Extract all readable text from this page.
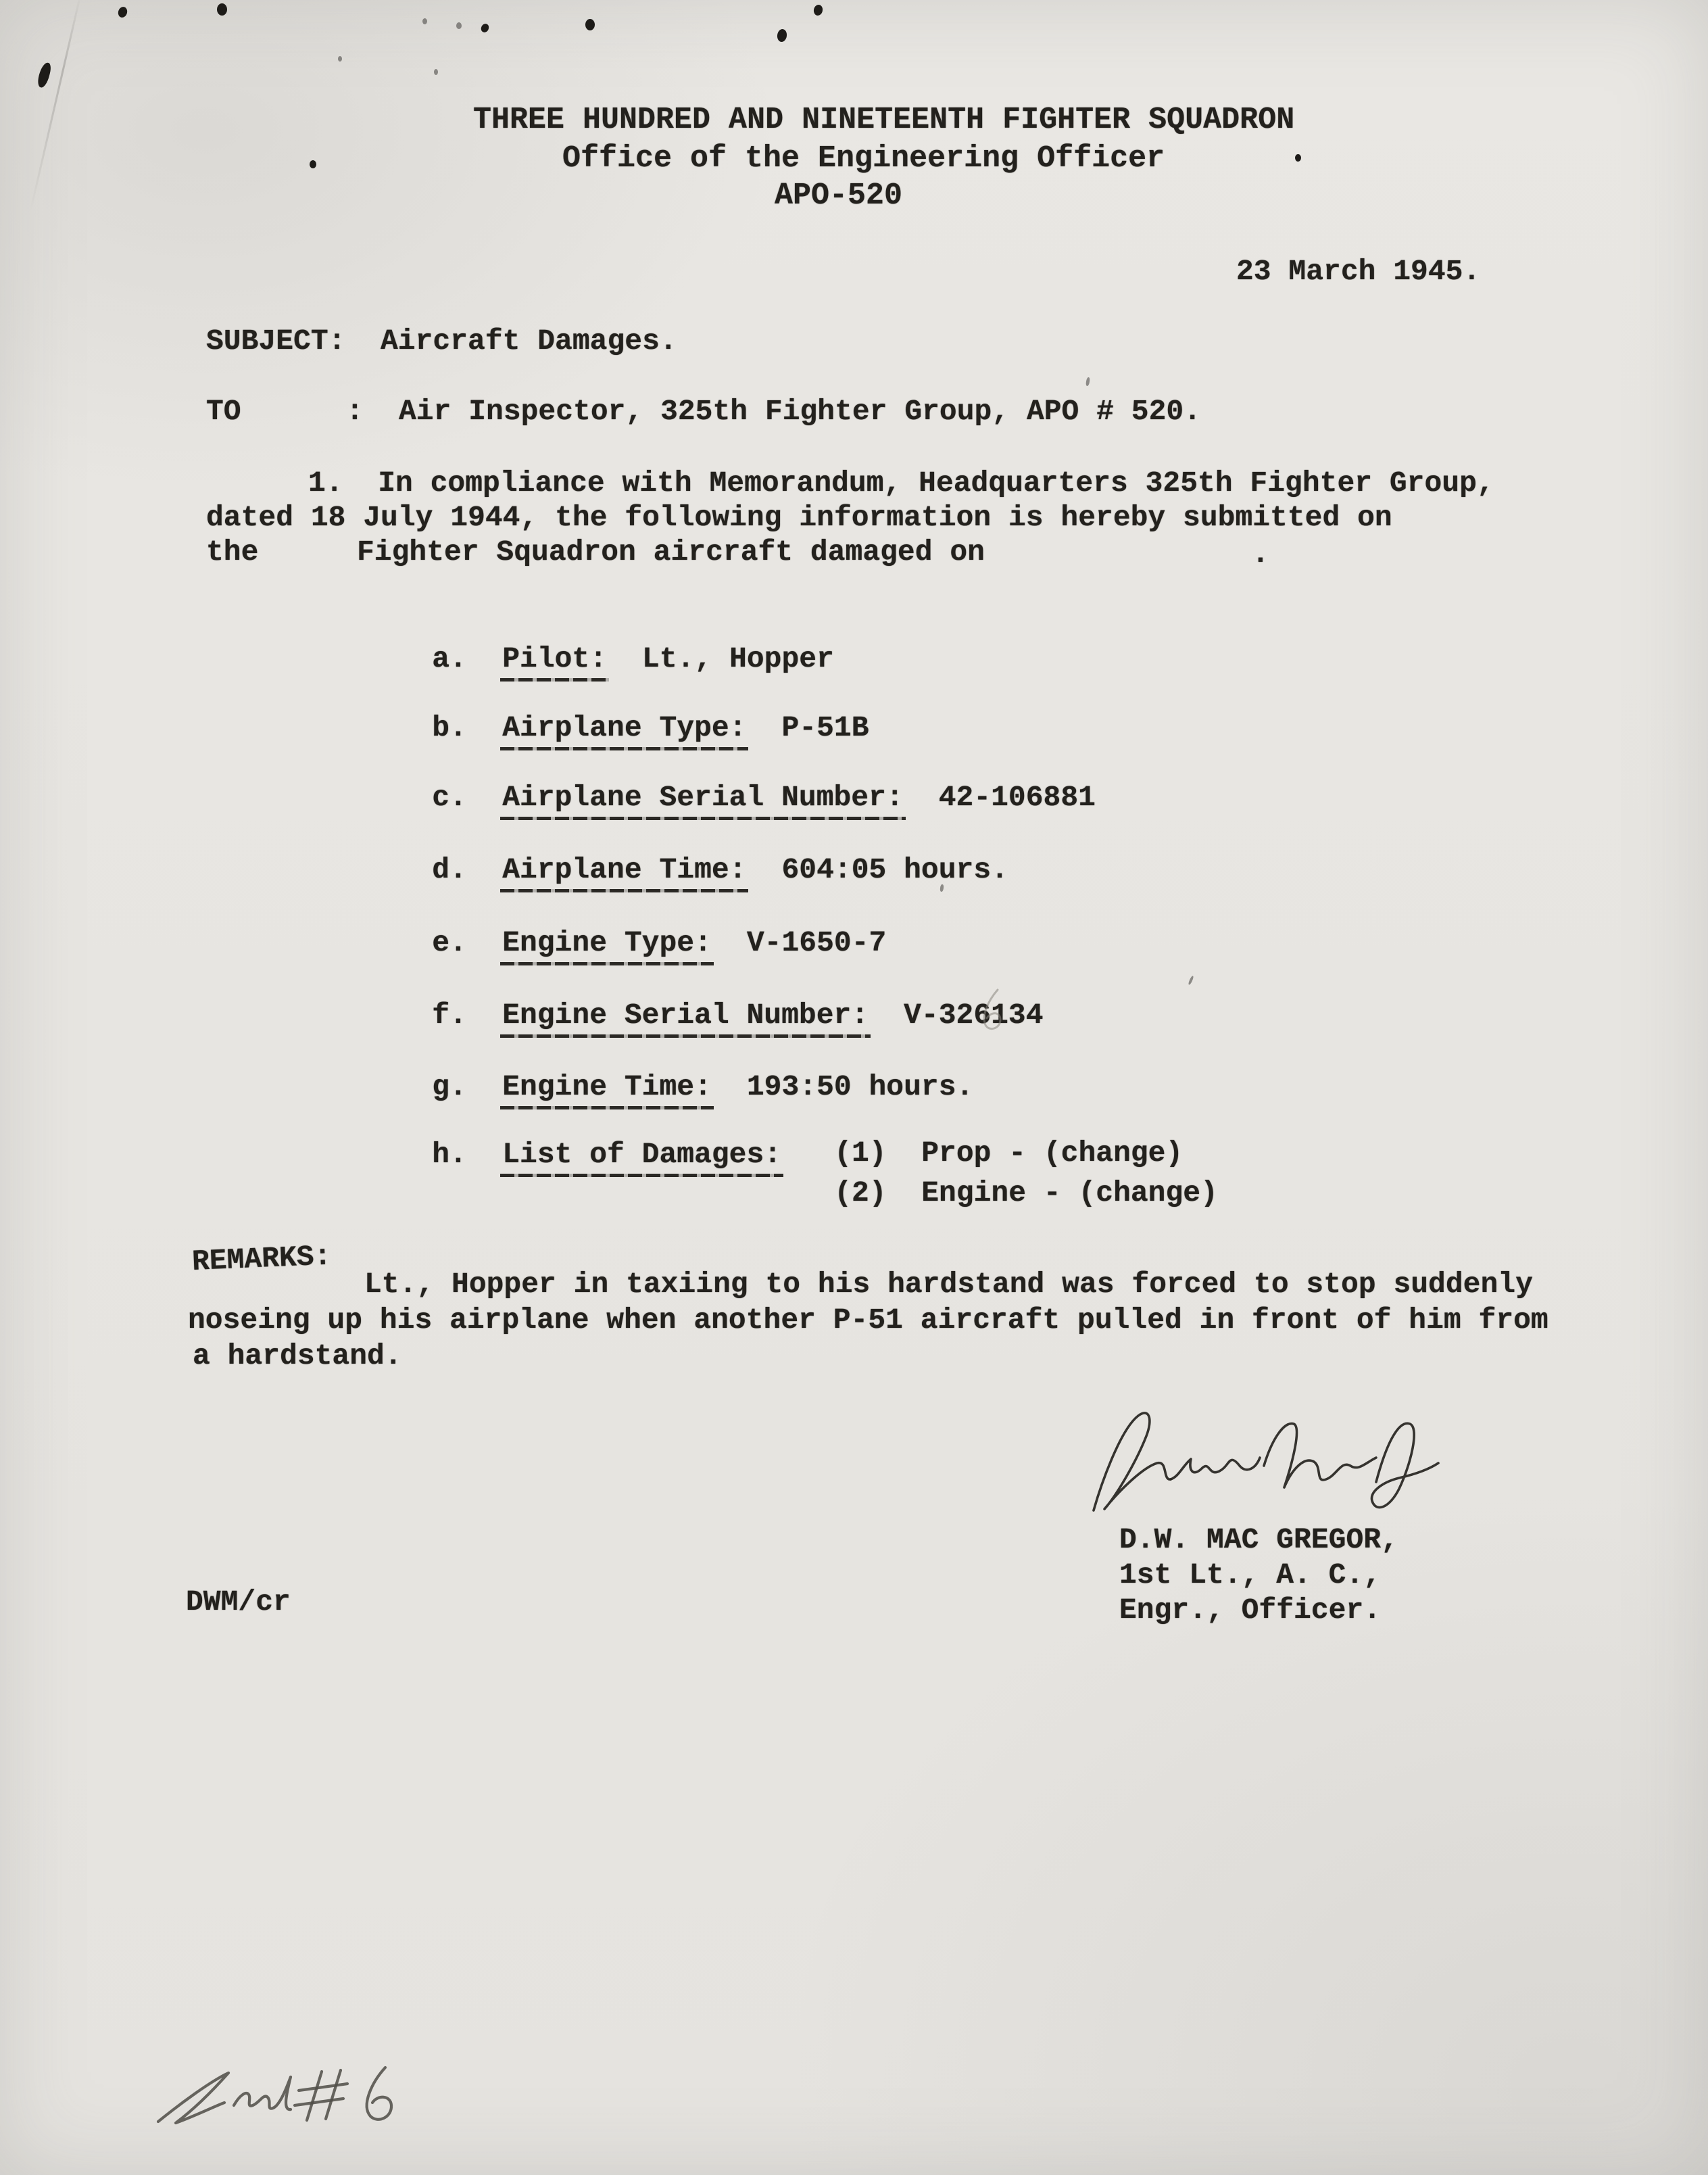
THREE HUNDRED AND NINETEENTH FIGHTER SQUADRON
Office of the Engineering Officer
APO-520
23 March 1945.
SUBJECT: Aircraft Damages.
TO	: Air Inspector, 325th Fighter Group, APO # 520.
1.  In compliance with Memorandum, Headquarters 325th Fighter Group,
dated 18 July 1944, the following information is hereby submitted on
the	Fighter Squadron aircraft damaged on	.

a. Pilot: Lt., Hopper

b. Airplane Type: P-51B

c. Airplane Serial Number: 42-106881

d. Airplane Time: 604:05 hours.

e. Engine Type: V-1650-7

f. Engine Serial Number: V-326134

g. Engine Time: 193:50 hours.

h. List of Damages:
	(1) Prop - (change)

(2) Engine - (change)

REMARKS:
Lt., Hopper in taxiing to his hardstand was forced to stop suddenly
noseing up his airplane when another P-51 aircraft pulled in front of him from
a hardstand.
D.W. MAC GREGOR,
1st Lt., A. C.,
Engr., Officer.
DWM/cr
